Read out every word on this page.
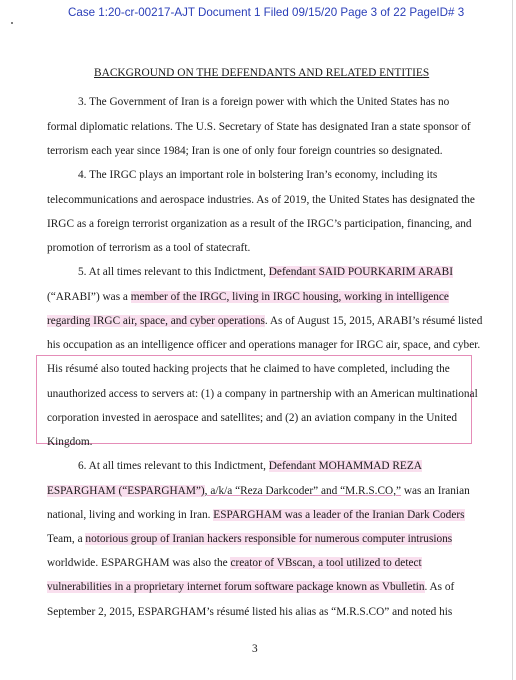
Case 1:20-cr-00217-AJT Document 1 Filed 09/15/20 Page 3 of 22 PageID# 3
BACKGROUND ON THE DEFENDANTS AND RELATED ENTITIES
3. The Government of Iran is a foreign power with which the United States has no
formal diplomatic relations. The U.S. Secretary of State has designated Iran a state sponsor of
terrorism each year since 1984; Iran is one of only four foreign countries so designated.
4. The IRGC plays an important role in bolstering Iran’s economy, including its
telecommunications and aerospace industries. As of 2019, the United States has designated the
IRGC as a foreign terrorist organization as a result of the IRGC’s participation, financing, and
promotion of terrorism as a tool of statecraft.
5. At all times relevant to this Indictment, Defendant SAID POURKARIM ARABI
(“ARABI”) was a member of the IRGC, living in IRGC housing, working in intelligence
regarding IRGC air, space, and cyber operations. As of August 15, 2015, ARABI’s résumé listed
his occupation as an intelligence officer and operations manager for IRGC air, space, and cyber.
His résumé also touted hacking projects that he claimed to have completed, including the
unauthorized access to servers at: (1) a company in partnership with an American multinational
corporation invested in aerospace and satellites; and (2) an aviation company in the United
Kingdom.
6. At all times relevant to this Indictment, Defendant MOHAMMAD REZA
ESPARGHAM (“ESPARGHAM”), a/k/a “Reza Darkcoder” and “M.R.S.CO,” was an Iranian
national, living and working in Iran. ESPARGHAM was a leader of the Iranian Dark Coders
Team, a notorious group of Iranian hackers responsible for numerous computer intrusions
worldwide. ESPARGHAM was also the creator of VBscan, a tool utilized to detect
vulnerabilities in a proprietary internet forum software package known as Vbulletin. As of
September 2, 2015, ESPARGHAM’s résumé listed his alias as “M.R.S.CO” and noted his
3
